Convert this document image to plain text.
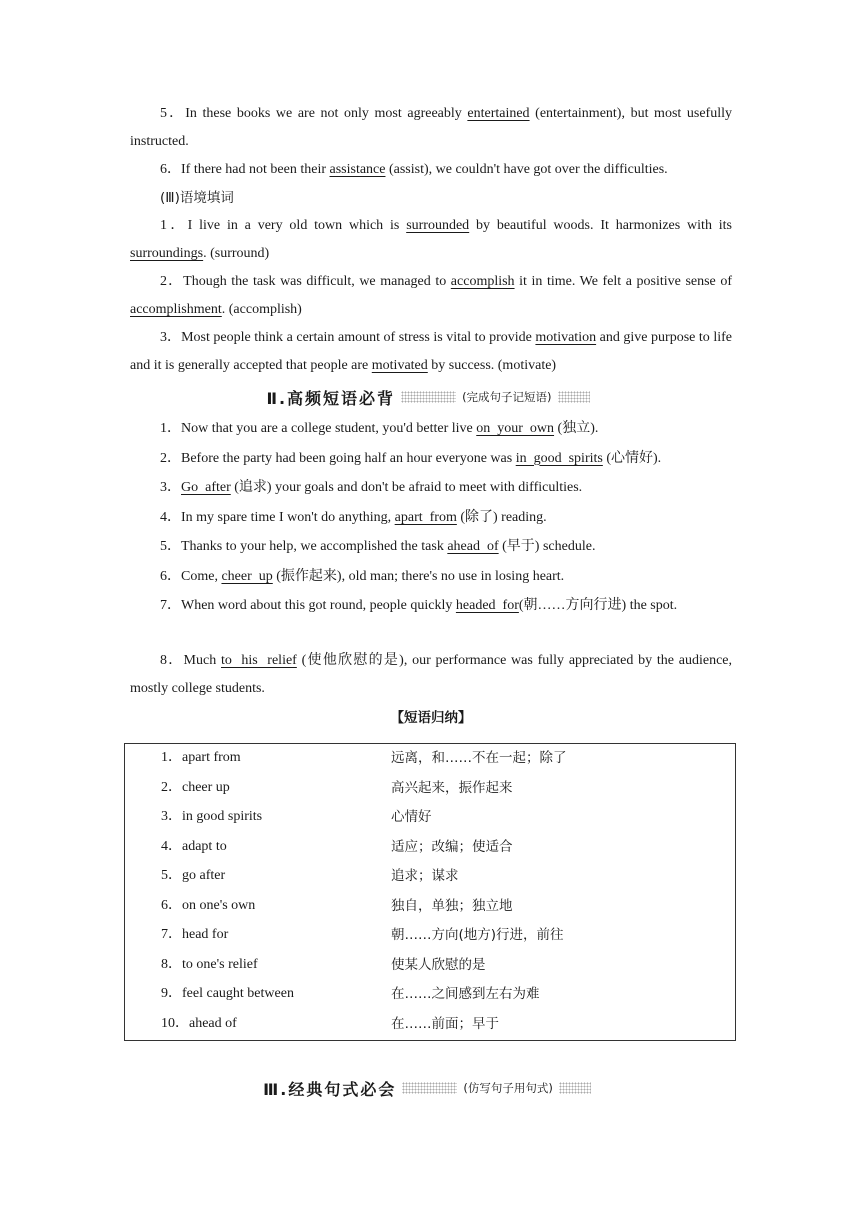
5．In these books we are not only most agreeably entertained (entertainment), but most usefully instructed.

6．If there had not been their assistance (assist), we couldn't have got over the difficulties.

(Ⅲ)语境填词

1．I live in a very old town which is surrounded by beautiful woods. It harmonizes with its surroundings. (surround)

2．Though the task was difficult, we managed to accomplish it in time. We felt a positive sense of accomplishment. (accomplish)

3．Most people think a certain amount of stress is vital to provide motivation and give purpose to life and it is generally accepted that people are motivated by success. (motivate)

Ⅱ.高频短语必背	(完成句子记短语)
1．Now that you are a college student, you'd better live on  your  own (独立).
2．Before the party had been going half an hour everyone was in  good  spirits (心情好).
3．Go  after (追求) your goals and don't be afraid to meet with difficulties.
4．In my spare time I won't do anything, apart  from (除了) reading.
5．Thanks to your help, we accomplished the task ahead  of (早于) schedule.
6．Come, cheer  up (振作起来), old man; there's no use in losing heart.
7．When word about this got round, people quickly headed  for(朝……方向行进) the spot.

8．Much to  his  relief (使他欣慰的是), our performance was fully appreciated by the audience, mostly college students.

【短语归纳】
1．apart from	远离，和……不在一起；除了
2．cheer up	高兴起来，振作起来
3．in good spirits	心情好
4．adapt to	适应；改编；使适合
5．go after	追求；谋求
6．on one's own	独自，单独；独立地
7．head for	朝……方向(地方)行进，前往
8．to one's relief	使某人欣慰的是
9．feel caught between	在……之间感到左右为难
10．ahead of	在……前面；早于
Ⅲ.经典句式必会	(仿写句子用句式)
